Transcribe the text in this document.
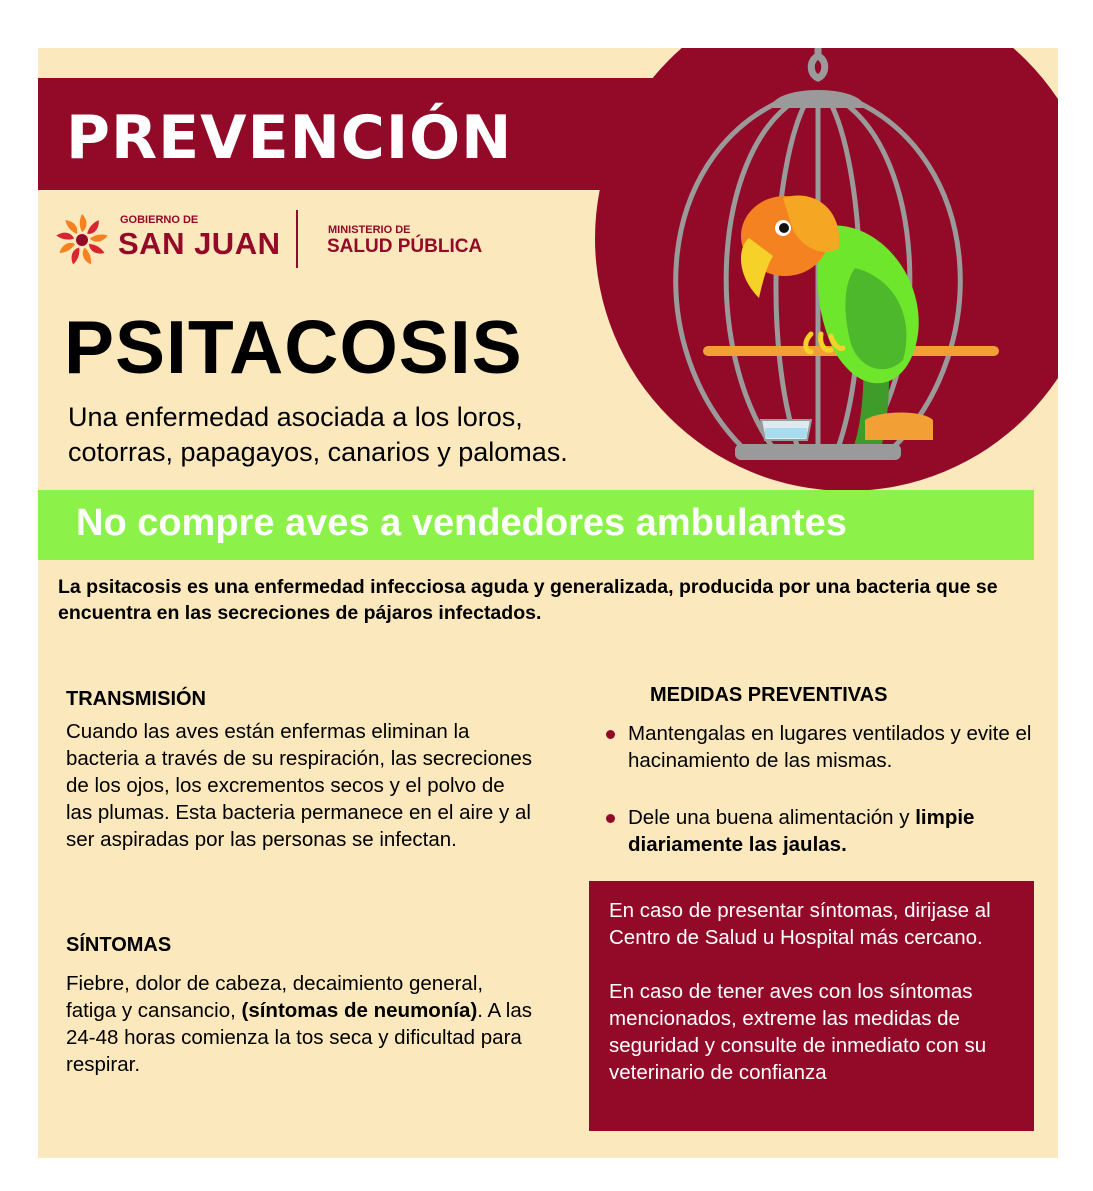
PREVENCIÓN
GOBIERNO DE
SAN JUAN	MINISTERIO DE
SALUD PÚBLICA
PSITACOSIS

Una enfermedad asociada a los loros, cotorras, papagayos, canarios y palomas.

No compre aves a vendedores ambulantes

La psitacosis es una enfermedad infecciosa aguda y generalizada, producida por una bacteria que se encuentra en las secreciones de pájaros infectados.

TRANSMISIÓN

Cuando las aves están enfermas eliminan la bacteria a través de su respiración, las secreciones de los ojos, los excrementos secos y el polvo de las plumas. Esta bacteria permanece en el aire y al ser aspiradas por las personas se infectan.

SÍNTOMAS

Fiebre, dolor de cabeza, decaimiento general, fatiga y cansancio, (síntomas de neumonía). A las 24-48 horas comienza la tos seca y dificultad para respirar.

MEDIDAS PREVENTIVAS
Mantengalas en lugares ventilados y evite el hacinamiento de las mismas.
Dele una buena alimentación y limpie diariamente las jaulas.

En caso de presentar síntomas, dirijase al Centro de Salud u Hospital más cercano.

En caso de tener aves con los síntomas mencionados, extreme las medidas de seguridad y consulte de inmediato con su veterinario de confianza
